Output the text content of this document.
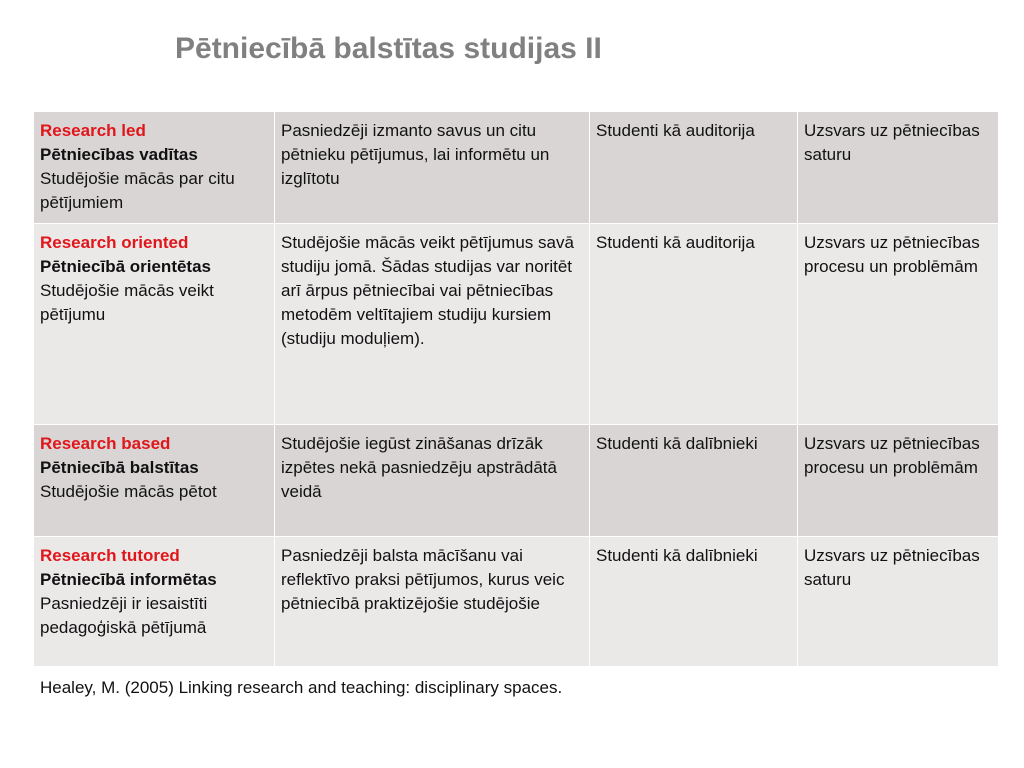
Pētniecībā balstītas studijas II
Research led
Pētniecības vadītas
Studējošie mācās par citu pētījumiem	Pasniedzēji izmanto savus un citu pētnieku pētījumus, lai informētu un izglītotu	Studenti kā auditorija	Uzsvars uz pētniecības saturu

Research oriented
Pētniecībā orientētas
Studējošie mācās veikt pētījumu	Studējošie mācās veikt pētījumus savā studiju jomā. Šādas studijas var noritēt arī ārpus pētniecībai vai pētniecības metodēm veltītajiem studiju kursiem (studiju moduļiem).	Studenti kā auditorija	Uzsvars uz pētniecības procesu un problēmām

Research based
Pētniecībā balstītas
Studējošie mācās pētot	Studējošie iegūst zināšanas drīzāk izpētes nekā pasniedzēju apstrādātā veidā	Studenti kā dalībnieki	Uzsvars uz pētniecības procesu un problēmām

Research tutored
Pētniecībā informētas
Pasniedzēji ir iesaistīti pedagoģiskā pētījumā	Pasniedzēji balsta mācīšanu vai reflektīvo praksi pētījumos, kurus veic pētniecībā praktizējošie studējošie	Studenti kā dalībnieki	Uzsvars uz pētniecības saturu
Healey, M. (2005) Linking research and teaching: disciplinary spaces.
